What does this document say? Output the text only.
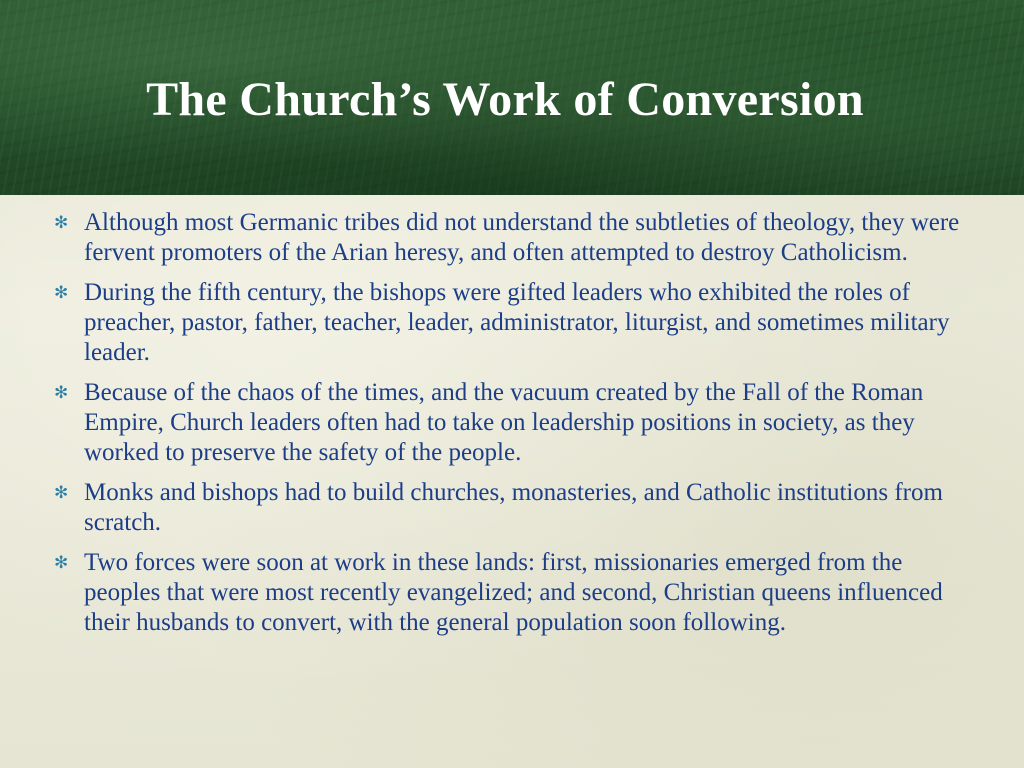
The Church’s Work of Conversion
✻ Although most Germanic tribes did not understand the subtleties of theology, they were fervent promoters of the Arian heresy, and often attempted to destroy Catholicism.
✻ During the fifth century, the bishops were gifted leaders who exhibited the roles of preacher, pastor, father, teacher, leader, administrator, liturgist, and sometimes military leader.
✻ Because of the chaos of the times, and the vacuum created by the Fall of the Roman Empire, Church leaders often had to take on leadership positions in society, as they worked to preserve the safety of the people.
✻ Monks and bishops had to build churches, monasteries, and Catholic institutions from scratch.
✻ Two forces were soon at work in these lands: first, missionaries emerged from the peoples that were most recently evangelized; and second, Christian queens influenced their husbands to convert, with the general population soon following.
